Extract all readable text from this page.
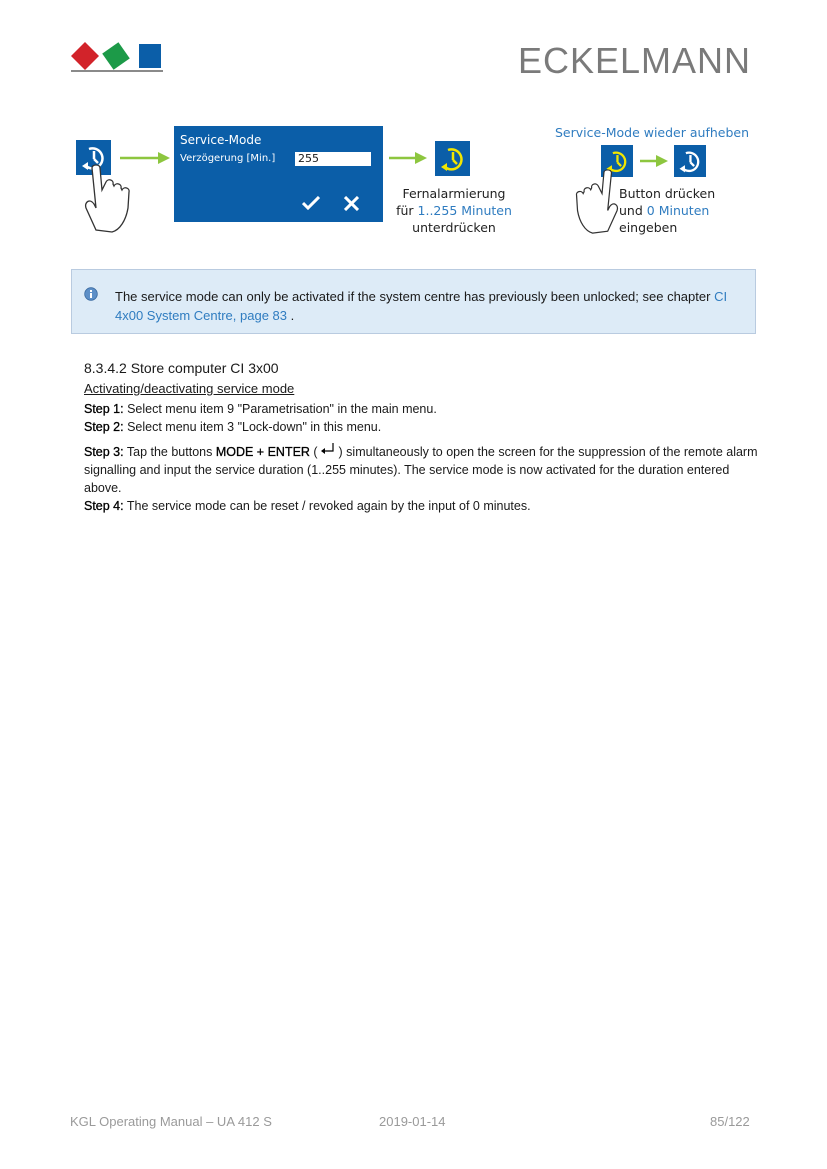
ECKELMANN
Service-Mode
Verzögerung [Min.] 255
Fernalarmierung
für 1..255 Minuten
unterdrücken
Service-Mode wieder aufheben
Button drücken
und 0 Minuten
eingeben
The service mode can only be activated if the system centre has previously been unlocked; see chapter CI 4x00 System Centre, page 83 .
8.3.4.2 Store computer CI 3x00
Activating/deactivating service mode
Step 1: Select menu item 9 "Parametrisation" in the main menu.
Step 2: Select menu item 3 "Lock-down" in this menu.
Step 3: Tap the buttons MODE + ENTER (  ) simultaneously to open the screen for the suppression of the remote alarm signalling and input the service duration (1..255 minutes). The service mode is now activated for the duration entered above.
Step 4: The service mode can be reset / revoked again by the input of 0 minutes.
KGL Operating Manual – UA 412 S	2019-01-14	85/122
